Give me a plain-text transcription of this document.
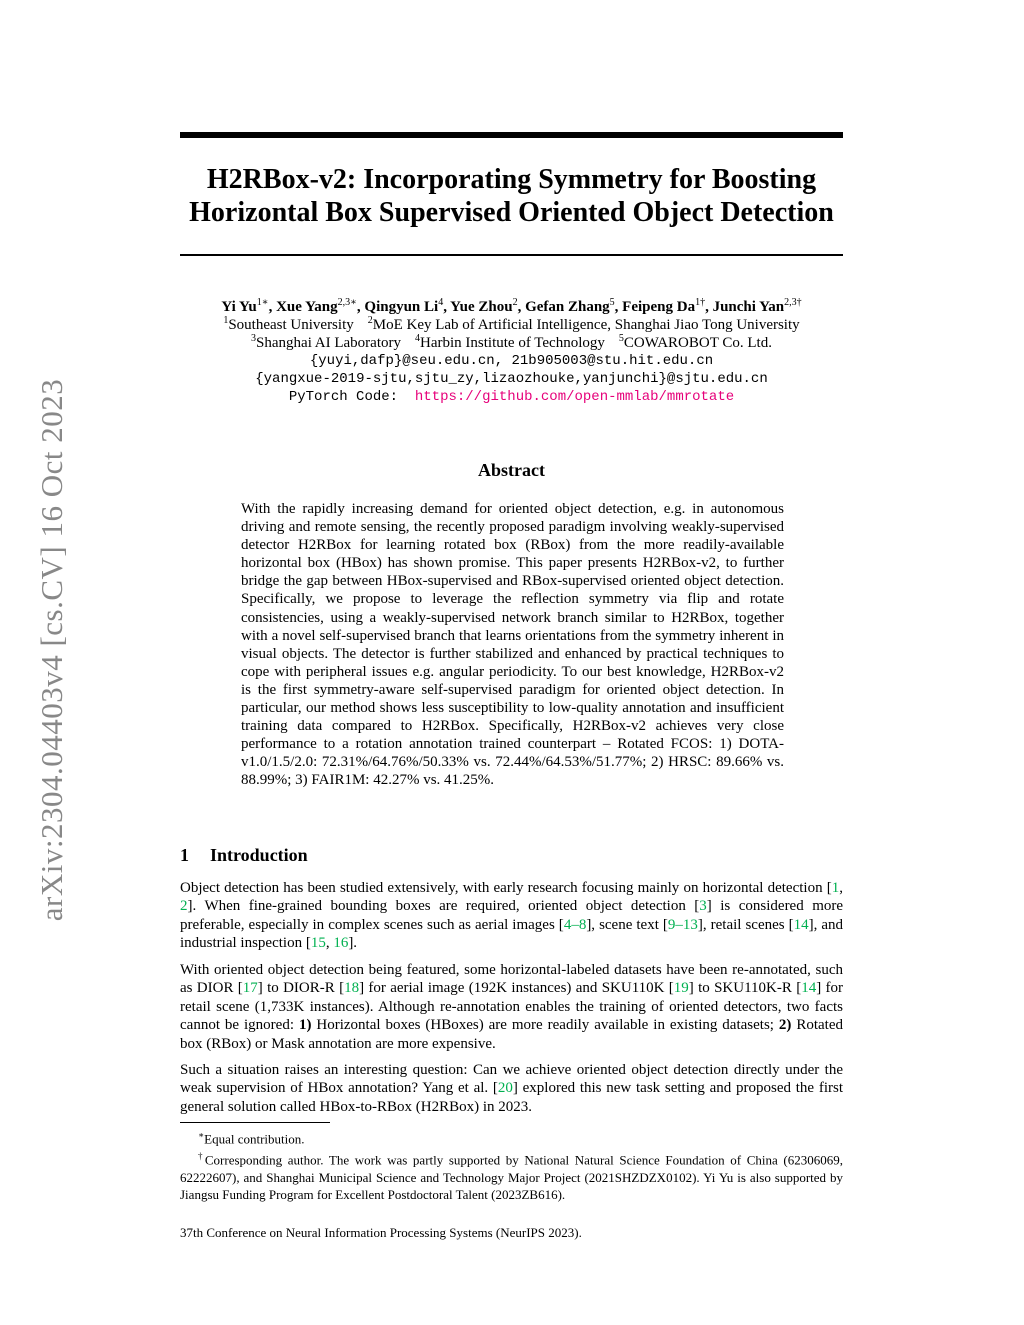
arXiv:2304.04403v4 [cs.CV] 16 Oct 2023
H2RBox-v2: Incorporating Symmetry for Boosting
Horizontal Box Supervised Oriented Object Detection
Yi $Yu^{1∗}$, Xue Yang$^{2,3∗}$, Qingyun Li$^4$, Yue Zhou$^2$, Gefan Zhang$^5$, Feipeng $Da^{1\dagger}$, Junchi Yan$^{2,3\dagger}$
$^1$Southeast University $^2$MoE Key Lab of Artificial Intelligence, Shanghai Jiao Tong University
$^3$Shanghai AI Laboratory $^4$Harbin Institute of Technology $^5$COWAROBOT Co. Ltd.
{yuyi,dafp}@seu.edu.cn, 21b905003@stu.hit.edu.cn
{yangxue-2019-sjtu,sjtu_zy,lizaozhouke,yanjunchi}@sjtu.edu.cn
PyTorch Code: https://github.com/open-mmlab/mmrotate
Abstract
With the rapidly increasing demand for oriented object detection, e.g. in autonomous driving and remote sensing, the recently proposed paradigm involving weakly-supervised detector H2RBox for learning rotated box (RBox) from the more readily-available horizontal box (HBox) has shown promise. This paper presents H2RBox-v2, to further bridge the gap between HBox-supervised and RBox-supervised oriented object detection. Specifically, we propose to leverage the reflection symmetry via flip and rotate consistencies, using a weakly-supervised network branch similar to H2RBox, together with a novel self-supervised branch that learns orientations from the symmetry inherent in visual objects. The detector is further stabilized and enhanced by practical techniques to cope with peripheral issues e.g. angular periodicity. To our best knowledge, H2RBox-v2 is the first symmetry-aware self-supervised paradigm for oriented object detection. In particular, our method shows less susceptibility to low-quality annotation and insufficient training data compared to H2RBox. Specifically, H2RBox-v2 achieves very close performance to a rotation annotation trained counterpart – Rotated FCOS: 1) DOTA-v1.0/1.5/2.0: 72.31%/64.76%/50.33% vs. 72.44%/64.53%/51.77%; 2) HRSC: 89.66% vs. 88.99%; 3) FAIR1M: 42.27% vs. 41.25%.
1 Introduction

Object detection has been studied extensively, with early research focusing mainly on horizontal detection [1, 2]. When fine-grained bounding boxes are required, oriented object detection [3] is considered more preferable, especially in complex scenes such as aerial images [4–8], scene text [9–13], retail scenes [14], and industrial inspection [15, 16].

With oriented object detection being featured, some horizontal-labeled datasets have been re-annotated, such as DIOR [17] to DIOR-R [18] for aerial image (192K instances) and SKU110K [19] to SKU110K-R [14] for retail scene (1,733K instances). Although re-annotation enables the training of oriented detectors, two facts cannot be ignored: 1) Horizontal boxes (HBoxes) are more readily available in existing datasets; 2) Rotated box (RBox) or Mask annotation are more expensive.

Such a situation raises an interesting question: Can we achieve oriented object detection directly under the weak supervision of HBox annotation? Yang et al. [20] explored this new task setting and proposed the first general solution called HBox-to-RBox (H2RBox) in 2023.

∗Equal contribution.
†Corresponding author. The work was partly supported by National Natural Science Foundation of China (62306069, 62222607), and Shanghai Municipal Science and Technology Major Project (2021SHZDZX0102). Yi Yu is also supported by Jiangsu Funding Program for Excellent Postdoctoral Talent (2023ZB616).
37th Conference on Neural Information Processing Systems (NeurIPS 2023).
